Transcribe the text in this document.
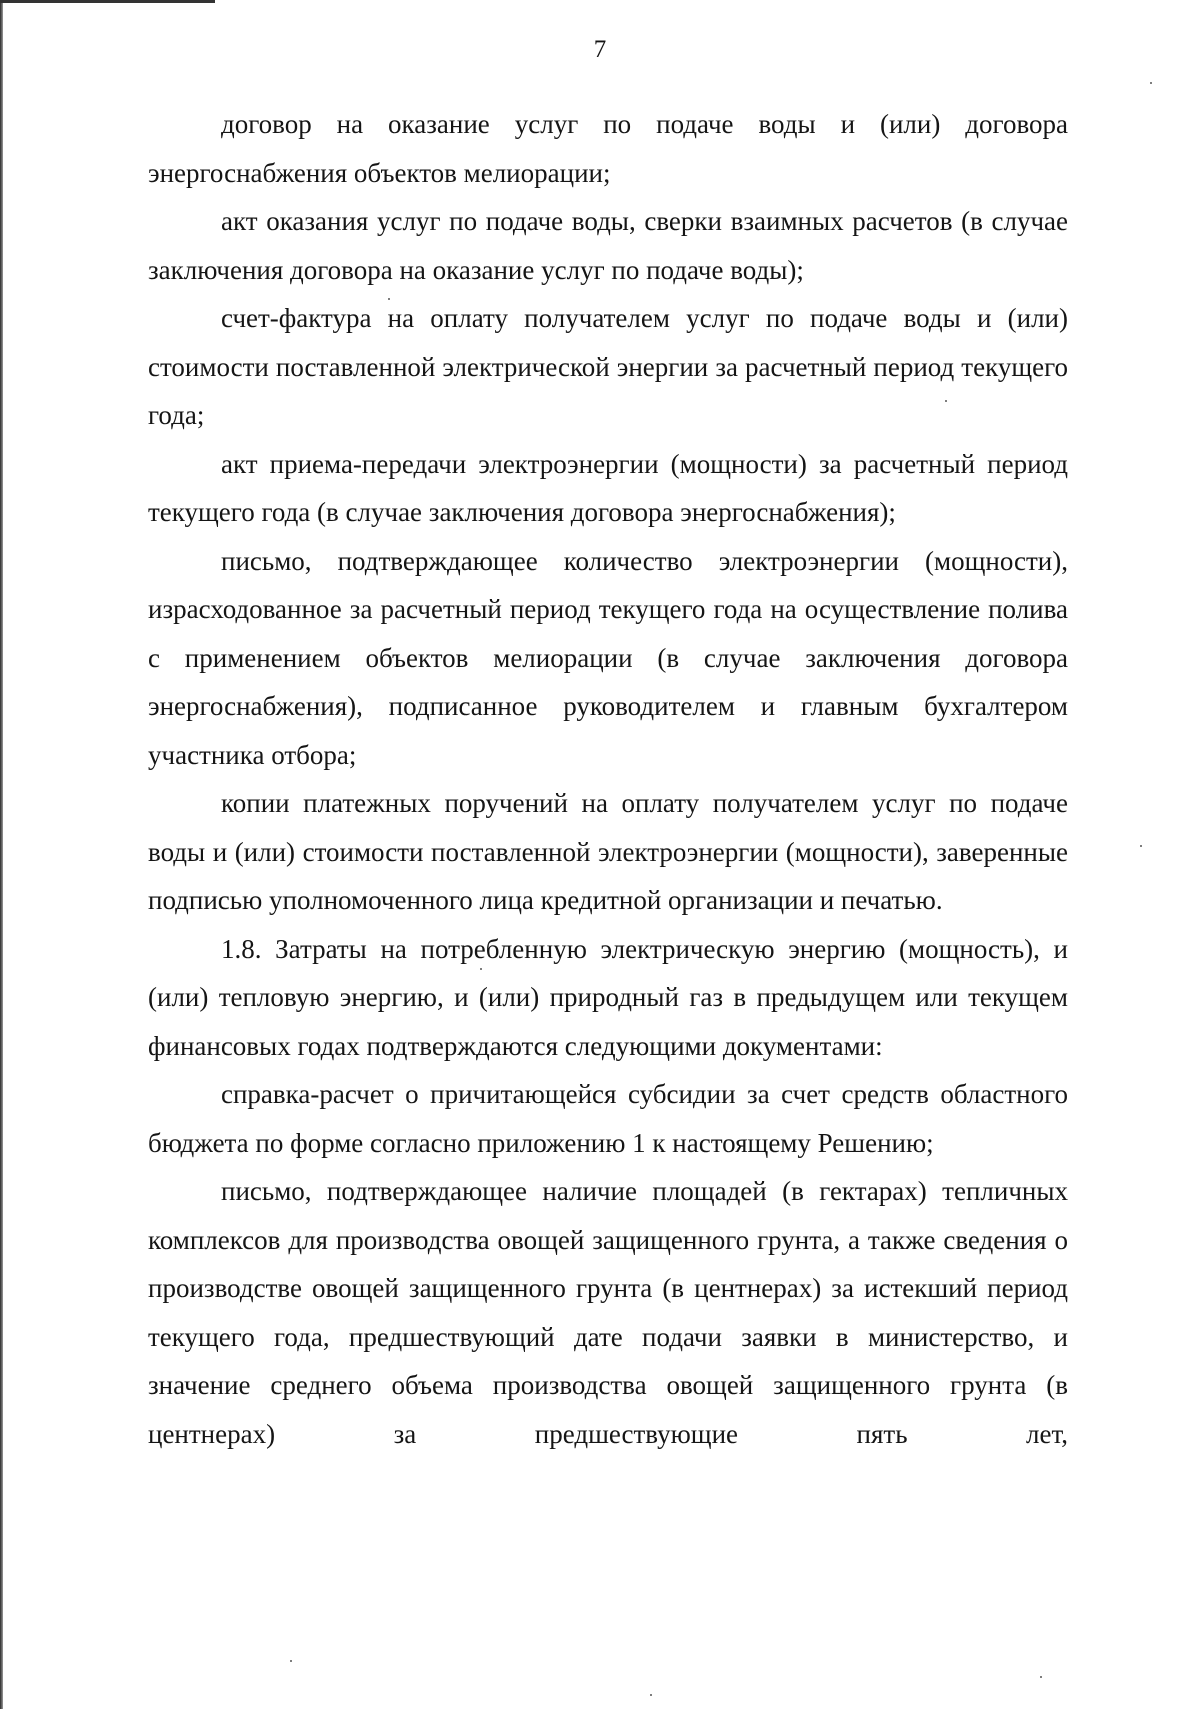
7

договор на оказание услуг по подаче воды и (или) договора энергоснабжения объектов мелиорации;

акт оказания услуг по подаче воды, сверки взаимных расчетов (в случае заключения договора на оказание услуг по подаче воды);

счет-фактура на оплату получателем услуг по подаче воды и (или) стоимости поставленной электрической энергии за расчетный период текущего года;

акт приема-передачи электроэнергии (мощности) за расчетный период текущего года (в случае заключения договора энергоснабжения);

письмо, подтверждающее количество электроэнергии (мощности), израсходованное за расчетный период текущего года на осуществление полива с применением объектов мелиорации (в случае заключения договора энергоснабжения), подписанное руководителем и главным бухгалтером участника отбора;

копии платежных поручений на оплату получателем услуг по подаче воды и (или) стоимости поставленной электроэнергии (мощности), заверенные подписью уполномоченного лица кредитной организации и печатью.

1.8. Затраты на потребленную электрическую энергию (мощность), и (или) тепловую энергию, и (или) природный газ в предыдущем или текущем финансовых годах подтверждаются следующими документами:

справка-расчет о причитающейся субсидии за счет средств областного бюджета по форме согласно приложению 1 к настоящему Решению;

письмо, подтверждающее наличие площадей (в гектарах) тепличных комплексов для производства овощей защищенного грунта, а также сведения о производстве овощей защищенного грунта (в центнерах) за истекший период текущего года, предшествующий дате подачи заявки в министерство, и значение среднего объема производства овощей защищенного грунта (в центнерах) за предшествующие пять лет,
